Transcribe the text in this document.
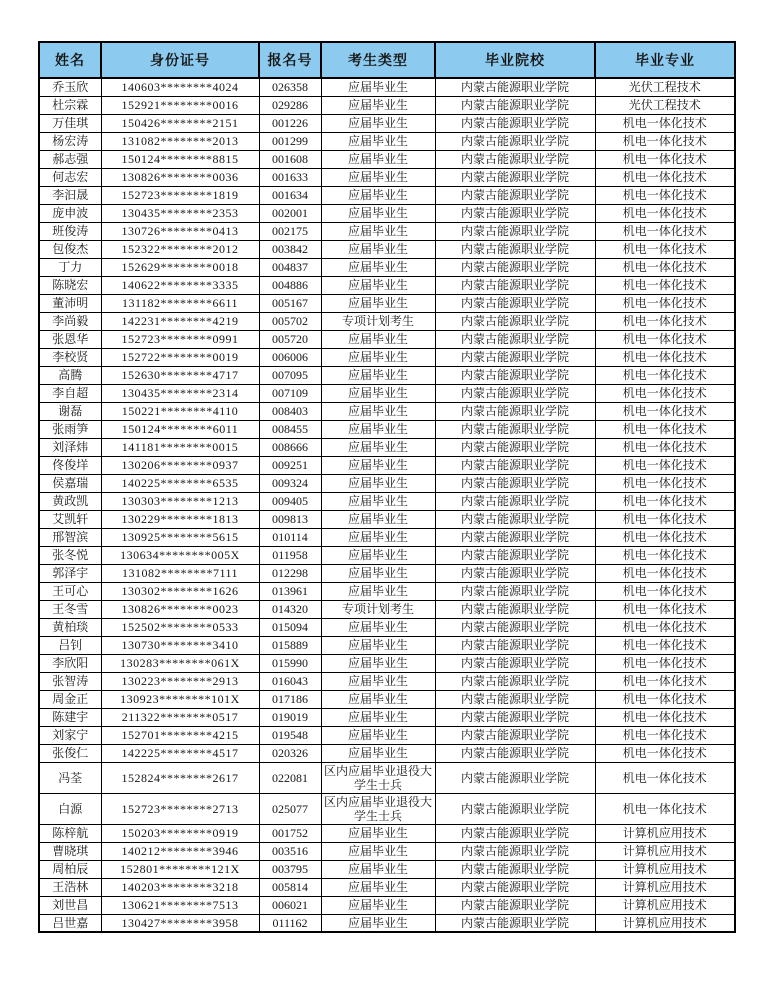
姓名	身份证号	报名号	考生类型	毕业院校	毕业专业
乔玉欣	140603********4024	026358	应届毕业生	内蒙古能源职业学院	光伏工程技术
杜宗霖	152921********0016	029286	应届毕业生	内蒙古能源职业学院	光伏工程技术
万佳琪	150426********2151	001226	应届毕业生	内蒙古能源职业学院	机电一体化技术
杨宏涛	131082********2013	001299	应届毕业生	内蒙古能源职业学院	机电一体化技术
郝志强	150124********8815	001608	应届毕业生	内蒙古能源职业学院	机电一体化技术
何志宏	130826********0036	001633	应届毕业生	内蒙古能源职业学院	机电一体化技术
李汩晟	152723********1819	001634	应届毕业生	内蒙古能源职业学院	机电一体化技术
庞申波	130435********2353	002001	应届毕业生	内蒙古能源职业学院	机电一体化技术
班俊涛	130726********0413	002175	应届毕业生	内蒙古能源职业学院	机电一体化技术
包俊杰	152322********2012	003842	应届毕业生	内蒙古能源职业学院	机电一体化技术
丁力	152629********0018	004837	应届毕业生	内蒙古能源职业学院	机电一体化技术
陈晓宏	140622********3335	004886	应届毕业生	内蒙古能源职业学院	机电一体化技术
董沛明	131182********6611	005167	应届毕业生	内蒙古能源职业学院	机电一体化技术
李尚毅	142231********4219	005702	专项计划考生	内蒙古能源职业学院	机电一体化技术
张恩华	152723********0991	005720	应届毕业生	内蒙古能源职业学院	机电一体化技术
李校贤	152722********0019	006006	应届毕业生	内蒙古能源职业学院	机电一体化技术
高腾	152630********4717	007095	应届毕业生	内蒙古能源职业学院	机电一体化技术
李自超	130435********2314	007109	应届毕业生	内蒙古能源职业学院	机电一体化技术
谢磊	150221********4110	008403	应届毕业生	内蒙古能源职业学院	机电一体化技术
张雨笋	150124********6011	008455	应届毕业生	内蒙古能源职业学院	机电一体化技术
刘泽炜	141181********0015	008666	应届毕业生	内蒙古能源职业学院	机电一体化技术
佟俊垟	130206********0937	009251	应届毕业生	内蒙古能源职业学院	机电一体化技术
侯嘉瑞	140225********6535	009324	应届毕业生	内蒙古能源职业学院	机电一体化技术
黄政凯	130303********1213	009405	应届毕业生	内蒙古能源职业学院	机电一体化技术
艾凯轩	130229********1813	009813	应届毕业生	内蒙古能源职业学院	机电一体化技术
邢智滨	130925********5615	010114	应届毕业生	内蒙古能源职业学院	机电一体化技术
张冬悦	130634********005X	011958	应届毕业生	内蒙古能源职业学院	机电一体化技术
郭泽宇	131082********7111	012298	应届毕业生	内蒙古能源职业学院	机电一体化技术
王可心	130302********1626	013961	应届毕业生	内蒙古能源职业学院	机电一体化技术
王冬雪	130826********0023	014320	专项计划考生	内蒙古能源职业学院	机电一体化技术
黄柏琰	152502********0533	015094	应届毕业生	内蒙古能源职业学院	机电一体化技术
吕钊	130730********3410	015889	应届毕业生	内蒙古能源职业学院	机电一体化技术
李欣阳	130283********061X	015990	应届毕业生	内蒙古能源职业学院	机电一体化技术
张智涛	130223********2913	016043	应届毕业生	内蒙古能源职业学院	机电一体化技术
周金正	130923********101X	017186	应届毕业生	内蒙古能源职业学院	机电一体化技术
陈建宇	211322********0517	019019	应届毕业生	内蒙古能源职业学院	机电一体化技术
刘家宁	152701********4215	019548	应届毕业生	内蒙古能源职业学院	机电一体化技术
张俊仁	142225********4517	020326	应届毕业生	内蒙古能源职业学院	机电一体化技术
冯荃	152824********2617	022081	区内应届毕业退役大学生士兵	内蒙古能源职业学院	机电一体化技术
白源	152723********2713	025077	区内应届毕业退役大学生士兵	内蒙古能源职业学院	机电一体化技术
陈梓航	150203********0919	001752	应届毕业生	内蒙古能源职业学院	计算机应用技术
曹晓琪	140212********3946	003516	应届毕业生	内蒙古能源职业学院	计算机应用技术
周柏辰	152801********121X	003795	应届毕业生	内蒙古能源职业学院	计算机应用技术
王浩林	140203********3218	005814	应届毕业生	内蒙古能源职业学院	计算机应用技术
刘世昌	130621********7513	006021	应届毕业生	内蒙古能源职业学院	计算机应用技术
吕世嘉	130427********3958	011162	应届毕业生	内蒙古能源职业学院	计算机应用技术
